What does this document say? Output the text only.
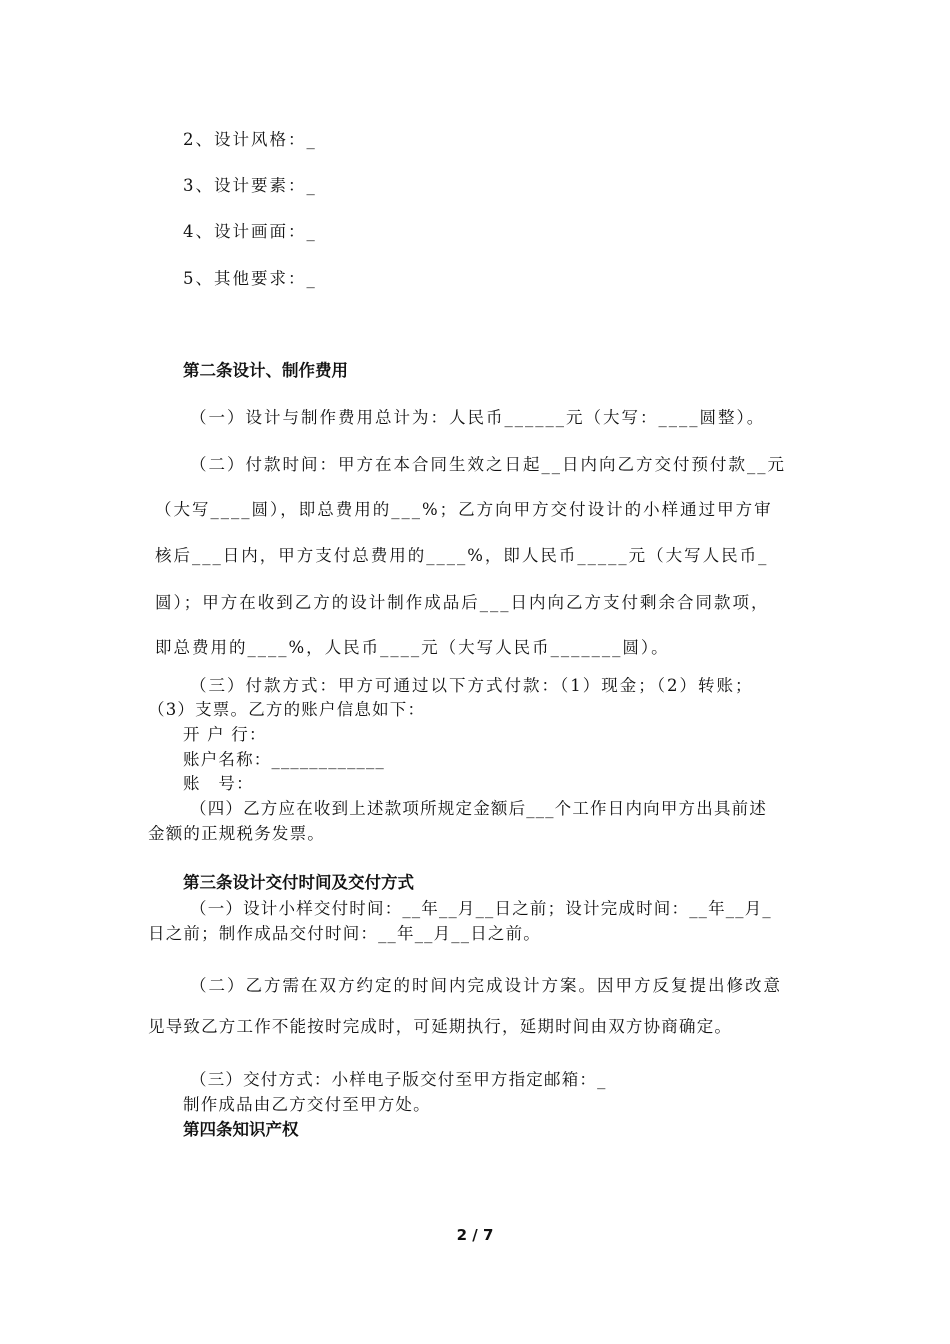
2、设计风格：_
3、设计要素：_
4、设计画面：_
5、其他要求：_
第二条设计、制作费用
（一）设计与制作费用总计为：人民币______元（大写：____圆整）。
（二）付款时间：甲方在本合同生效之日起__日内向乙方交付预付款__元
（大写____圆），即总费用的___%；乙方向甲方交付设计的小样通过甲方审
核后___日内，甲方支付总费用的____%，即人民币_____元（大写人民币_
圆）；甲方在收到乙方的设计制作成品后___日内向乙方支付剩余合同款项，
即总费用的____%，人民币____元（大写人民币_______圆）。
（三）付款方式：甲方可通过以下方式付款：（1）现金；（2）转账；
（3）支票。乙方的账户信息如下：
开 户 行：
账户名称：____________
账　号：
（四）乙方应在收到上述款项所规定金额后___个工作日内向甲方出具前述
金额的正规税务发票。
第三条设计交付时间及交付方式
（一）设计小样交付时间：__年__月__日之前；设计完成时间：__年__月_
日之前；制作成品交付时间：__年__月__日之前。
（二）乙方需在双方约定的时间内完成设计方案。因甲方反复提出修改意
见导致乙方工作不能按时完成时，可延期执行，延期时间由双方协商确定。
（三）交付方式：小样电子版交付至甲方指定邮箱：_
制作成品由乙方交付至甲方处。
第四条知识产权
2 / 7
